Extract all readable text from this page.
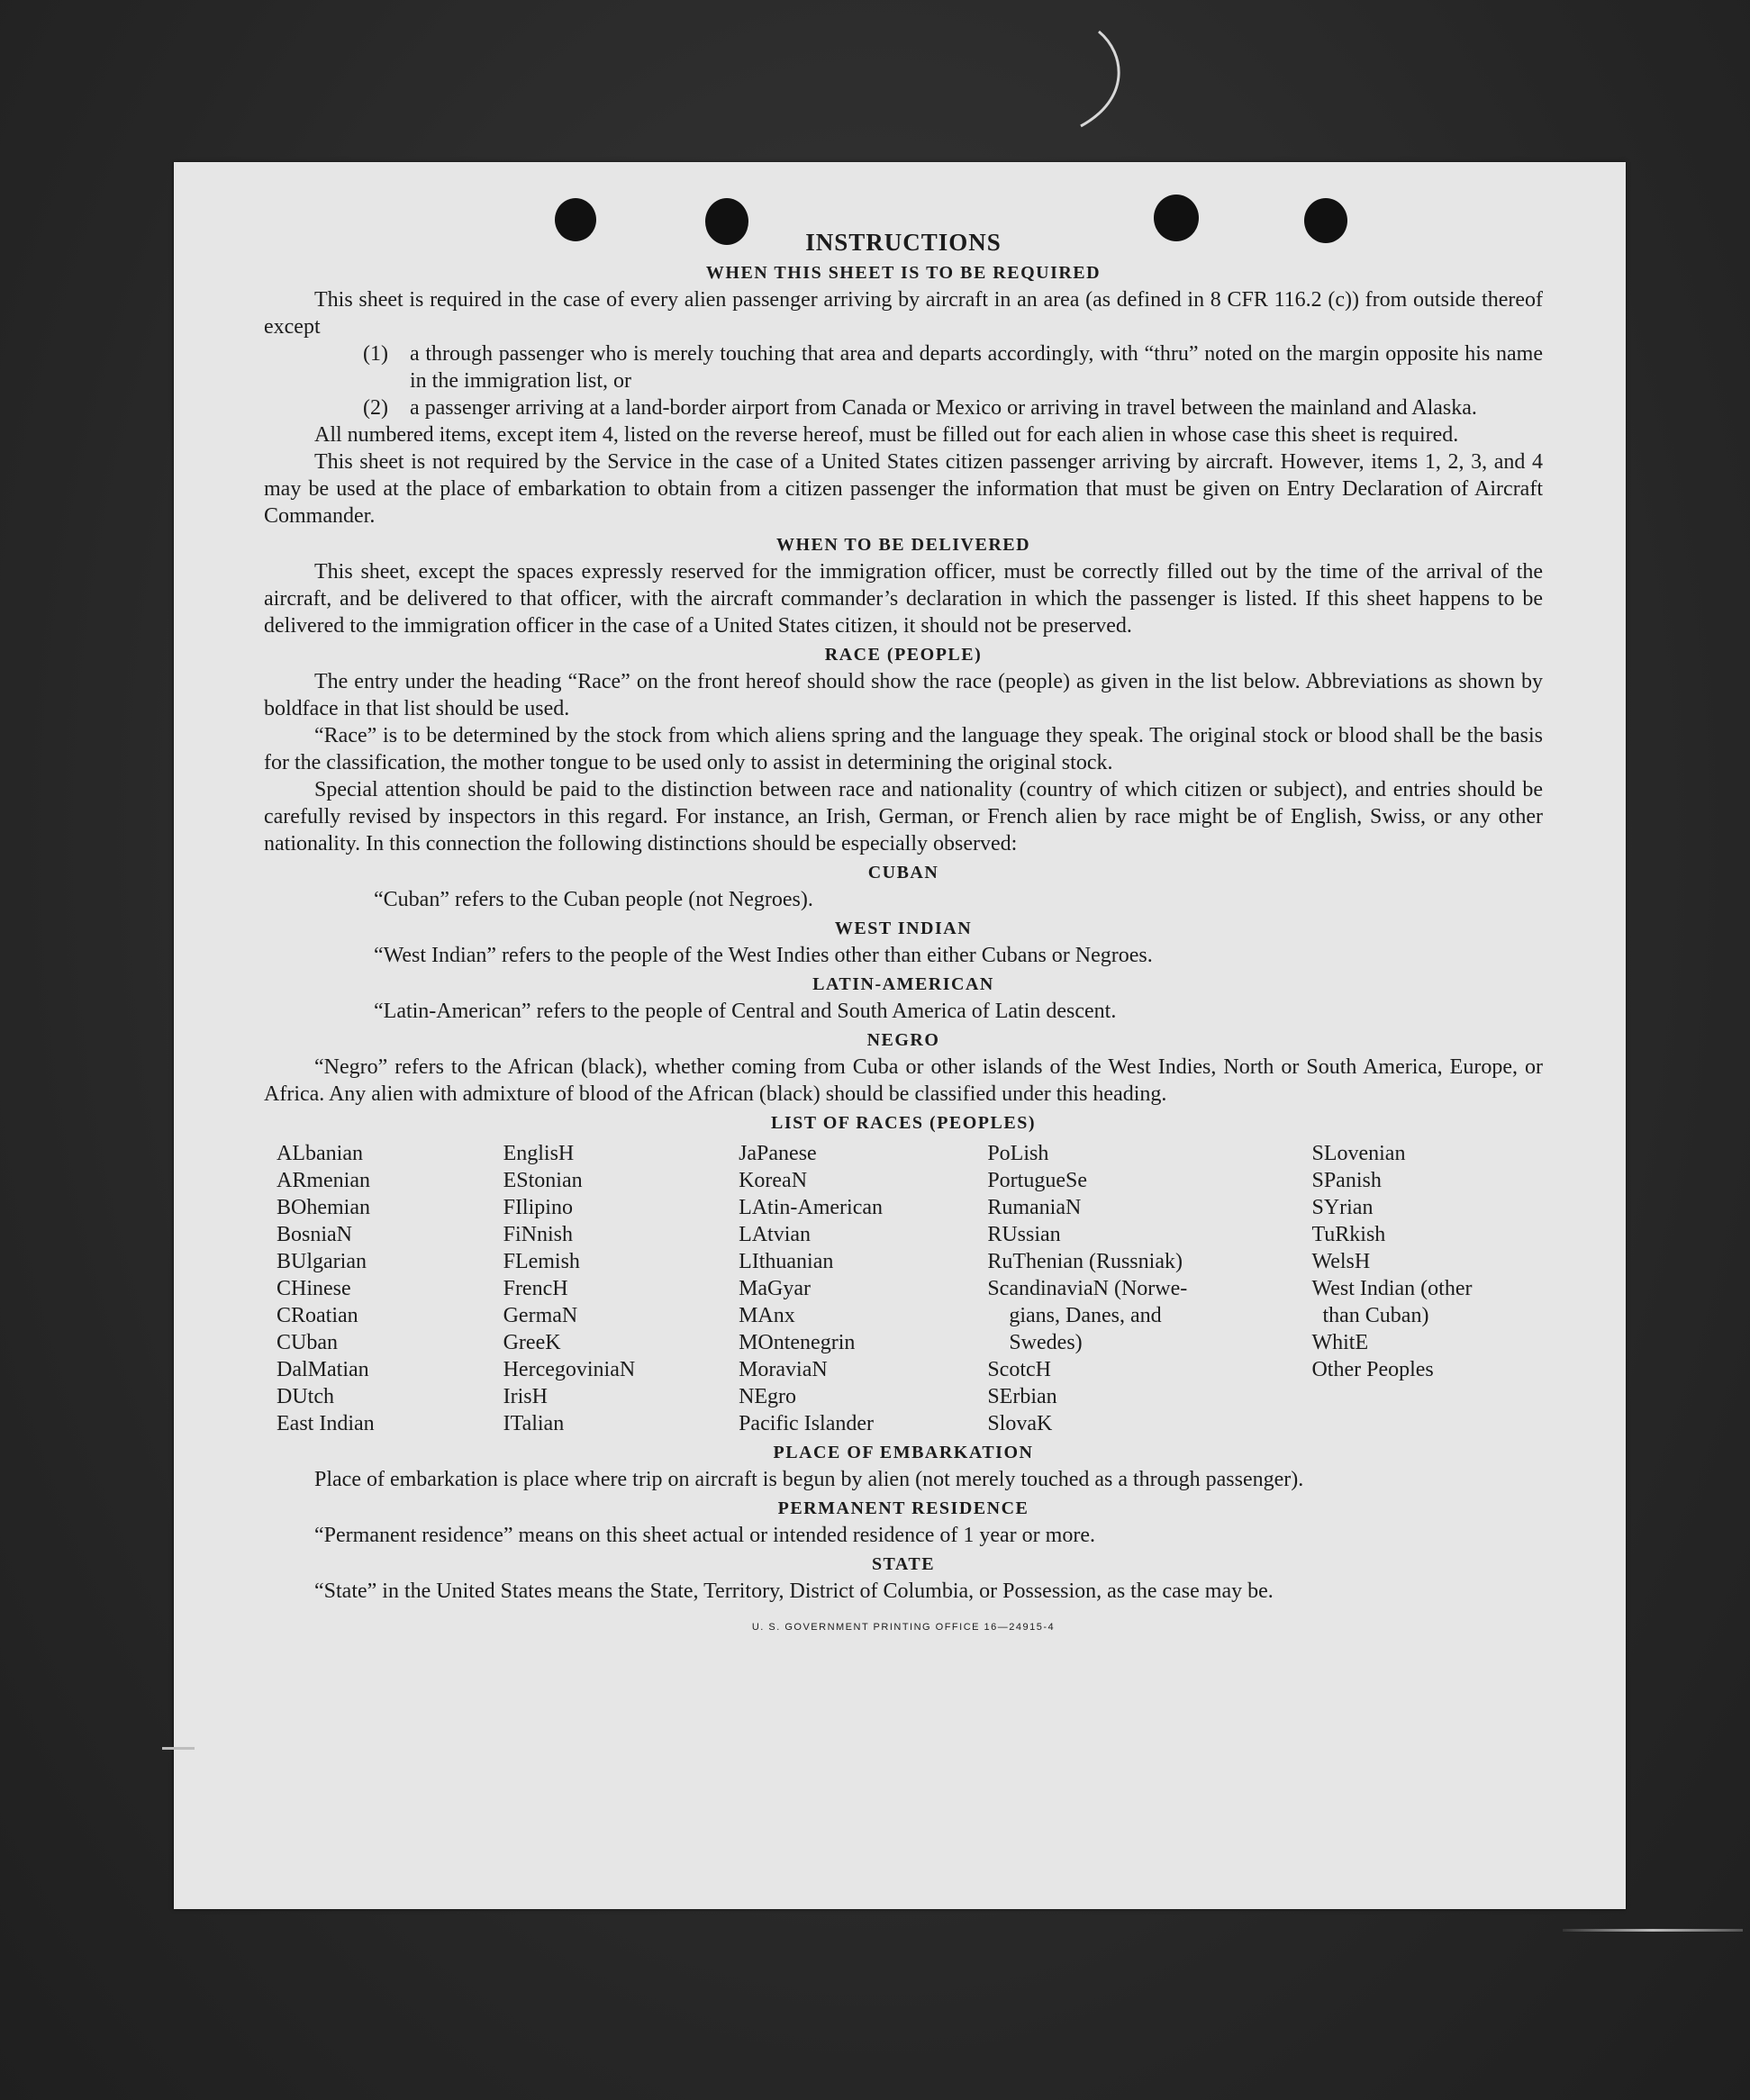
INSTRUCTIONS
WHEN THIS SHEET IS TO BE REQUIRED

This sheet is required in the case of every alien passenger arriving by aircraft in an area (as defined in 8 CFR 116.2 (c)) from outside thereof except

(1)	a through passenger who is merely touching that area and departs accordingly, with “thru” noted on the margin opposite his name in the immigration list, or
(2)	a passenger arriving at a land-border airport from Canada or Mexico or arriving in travel between the mainland and Alaska.

All numbered items, except item 4, listed on the reverse hereof, must be filled out for each alien in whose case this sheet is required.

This sheet is not required by the Service in the case of a United States citizen passenger arriving by aircraft. However, items 1, 2, 3, and 4 may be used at the place of embarkation to obtain from a citizen passenger the information that must be given on Entry Declaration of Aircraft Commander.

WHEN TO BE DELIVERED

This sheet, except the spaces expressly reserved for the immigration officer, must be correctly filled out by the time of the arrival of the aircraft, and be delivered to that officer, with the aircraft commander’s declaration in which the passenger is listed. If this sheet happens to be delivered to the immigration officer in the case of a United States citizen, it should not be preserved.

RACE (PEOPLE)

The entry under the heading “Race” on the front hereof should show the race (people) as given in the list below. Abbreviations as shown by boldface in that list should be used.

“Race” is to be determined by the stock from which aliens spring and the language they speak. The original stock or blood shall be the basis for the classification, the mother tongue to be used only to assist in determining the original stock.

Special attention should be paid to the distinction between race and nationality (country of which citizen or subject), and entries should be carefully revised by inspectors in this regard. For instance, an Irish, German, or French alien by race might be of English, Swiss, or any other nationality. In this connection the following distinctions should be especially observed:

CUBAN

“Cuban” refers to the Cuban people (not Negroes).

WEST INDIAN

“West Indian” refers to the people of the West Indies other than either Cubans or Negroes.

LATIN-AMERICAN

“Latin-American” refers to the people of Central and South America of Latin descent.

NEGRO

“Negro” refers to the African (black), whether coming from Cuba or other islands of the West Indies, North or South America, Europe, or Africa. Any alien with admixture of blood of the African (black) should be classified under this heading.

LIST OF RACES (PEOPLES)
ALbanian
ARmenian
BOhemian
BosniaN
BUlgarian
CHinese
CRoatian
CUban
DalMatian
DUtch
East Indian
EnglisH
EStonian
FIlipino
FiNnish
FLemish
FrencH
GermaN
GreeK
HercegoviniaN
IrisH
ITalian
JaPanese
KoreaN
LAtin-American
LAtvian
LIthuanian
MaGyar
MAnx
MOntenegrin
MoraviaN
NEgro
Pacific Islander
PoLish
PortugueSe
RumaniaN
RUssian
RuThenian (Russniak)
ScandinaviaN (Norwe-
gians, Danes, and
Swedes)
ScotcH
SErbian
SlovaK
SLovenian
SPanish
SYrian
TuRkish
WelsH
West Indian (other
than Cuban)
WhitE
Other Peoples
PLACE OF EMBARKATION

Place of embarkation is place where trip on aircraft is begun by alien (not merely touched as a through passenger).

PERMANENT RESIDENCE

“Permanent residence” means on this sheet actual or intended residence of 1 year or more.

STATE

“State” in the United States means the State, Territory, District of Columbia, or Possession, as the case may be.

U. S. GOVERNMENT PRINTING OFFICE 16—24915-4
